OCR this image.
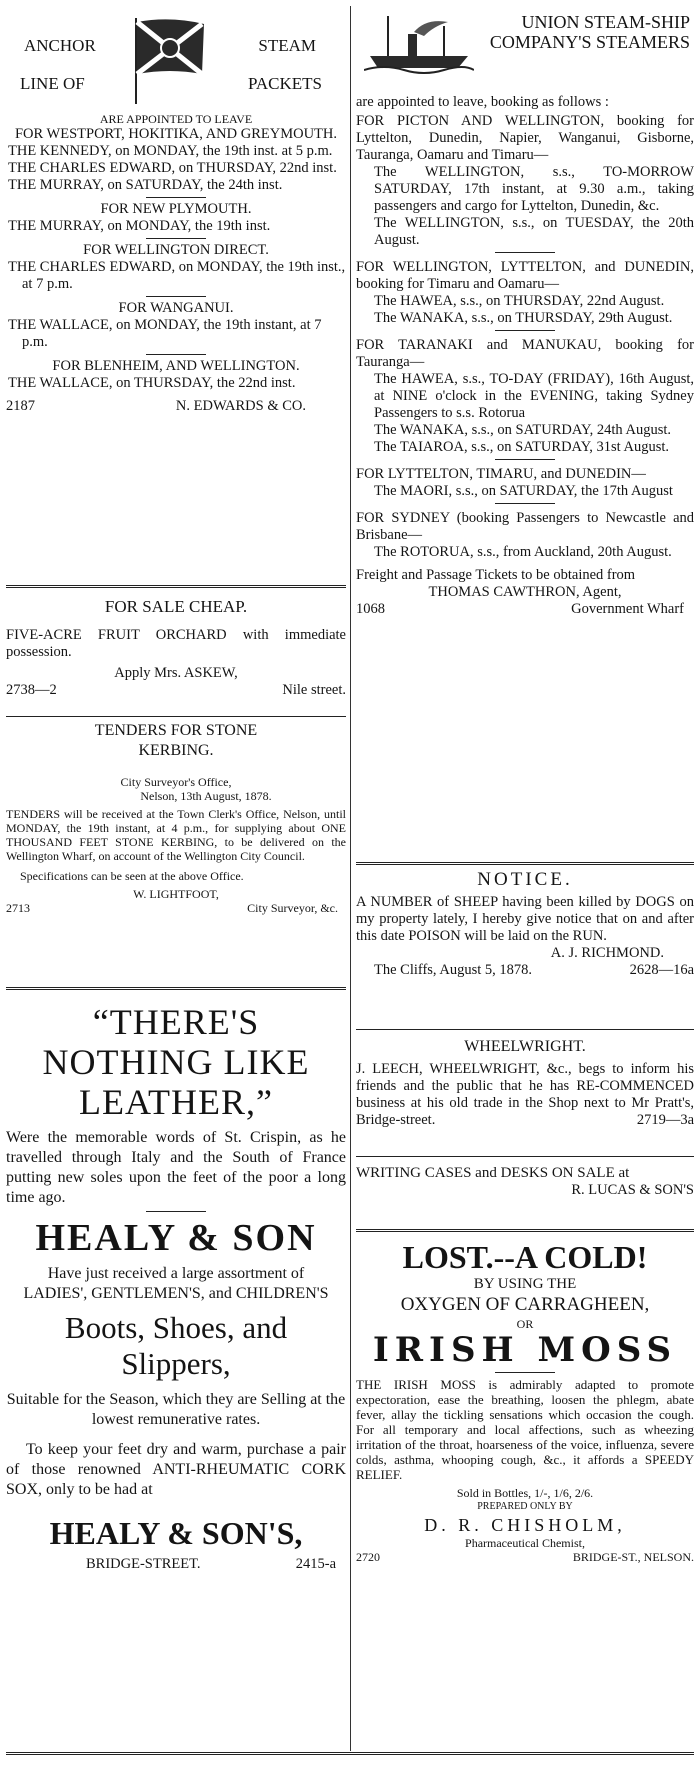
ANCHOR	STEAM
LINE OF	PACKETS

ARE APPOINTED TO LEAVE

FOR WESTPORT, HOKITIKA, AND GREYMOUTH.

THE KENNEDY, on MONDAY, the 19th inst. at 5 p.m.

THE CHARLES EDWARD, on THURSDAY, 22nd inst.

THE MURRAY, on SATURDAY, the 24th inst.

FOR NEW PLYMOUTH.

THE MURRAY, on MONDAY, the 19th inst.

FOR WELLINGTON DIRECT.

THE CHARLES EDWARD, on MONDAY, the 19th inst., at 7 p.m.

FOR WANGANUI.

THE WALLACE, on MONDAY, the 19th instant, at 7 p.m.

FOR BLENHEIM, AND WELLINGTON.

THE WALLACE, on THURSDAY, the 22nd inst.

2187	N. EDWARDS & CO.

FOR SALE CHEAP.

FIVE-ACRE FRUIT ORCHARD with immediate possession.

Apply Mrs. ASKEW,

2738—2	Nile street.

TENDERS FOR STONE KERBING.

City Surveyor's Office,

Nelson, 13th August, 1878.

TENDERS will be received at the Town Clerk's Office, Nelson, until MONDAY, the 19th instant, at 4 p.m., for supplying about ONE THOUSAND FEET STONE KERBING, to be delivered on the Wellington Wharf, on account of the Wellington City Council.

Specifications can be seen at the above Office.

W. LIGHTFOOT,

2713	City Surveyor, &c.

“THERE'S NOTHING LIKE LEATHER,”

Were the memorable words of St. Crispin, as he travelled through Italy and the South of France putting new soles upon the feet of the poor a long time ago.

HEALY & SON

Have just received a large assortment of LADIES', GENTLEMEN'S, and CHILDREN'S

Boots, Shoes, and Slippers,

Suitable for the Season, which they are Selling at the lowest remunerative rates.

To keep your feet dry and warm, purchase a pair of those renowned ANTI-RHEUMATIC CORK SOX, only to be had at

HEALY & SON'S,

BRIDGE-STREET.	2415-a

UNION STEAM-SHIP COMPANY'S STEAMERS

are appointed to leave, booking as follows :

FOR PICTON AND WELLINGTON, booking for Lyttelton, Dunedin, Napier, Wanganui, Gisborne, Tauranga, Oamaru and Timaru—

The WELLINGTON, s.s., TO-MORROW SATURDAY, 17th instant, at 9.30 a.m., taking passengers and cargo for Lyttelton, Dunedin, &c.

The WELLINGTON, s.s., on TUESDAY, the 20th August.

FOR WELLINGTON, LYTTELTON, and DUNEDIN, booking for Timaru and Oamaru—

The HAWEA, s.s., on THURSDAY, 22nd August.

The WANAKA, s.s., on THURSDAY, 29th August.

FOR TARANAKI and MANUKAU, booking for Tauranga—

The HAWEA, s.s., TO-DAY (FRIDAY), 16th August, at NINE o'clock in the EVENING, taking Sydney Passengers to s.s. Rotorua

The WANAKA, s.s., on SATURDAY, 24th August.

The TAIAROA, s.s., on SATURDAY, 31st August.

FOR LYTTELTON, TIMARU, and DUNEDIN—

The MAORI, s.s., on SATURDAY, the 17th August

FOR SYDNEY (booking Passengers to Newcastle and Brisbane—

The ROTORUA, s.s., from Auckland, 20th August.

Freight and Passage Tickets to be obtained from

THOMAS CAWTHRON, Agent,

1068	Government Wharf

NOTICE.

A NUMBER of SHEEP having been killed by DOGS on my property lately, I hereby give notice that on and after this date POISON will be laid on the RUN.

A. J. RICHMOND.

The Cliffs, August 5, 1878.	2628—16a

WHEELWRIGHT.

J. LEECH, WHEELWRIGHT, &c., begs to inform his friends and the public that he has RE-COMMENCED business at his old trade in the Shop next to Mr Pratt's, Bridge-street.	2719—3a

WRITING CASES and DESKS ON SALE at

R. LUCAS & SON'S

LOST.--A COLD!

BY USING THE

OXYGEN OF CARRAGHEEN,

OR

IRISH MOSS

THE IRISH MOSS is admirably adapted to promote expectoration, ease the breathing, loosen the phlegm, abate fever, allay the tickling sensations which occasion the cough. For all temporary and local affections, such as wheezing irritation of the throat, hoarseness of the voice, influenza, severe colds, asthma, whooping cough, &c., it affords a SPEEDY RELIEF.

Sold in Bottles, 1/-, 1/6, 2/6.

PREPARED ONLY BY

D. R. CHISHOLM,

Pharmaceutical Chemist,

2720	BRIDGE-ST., NELSON.
